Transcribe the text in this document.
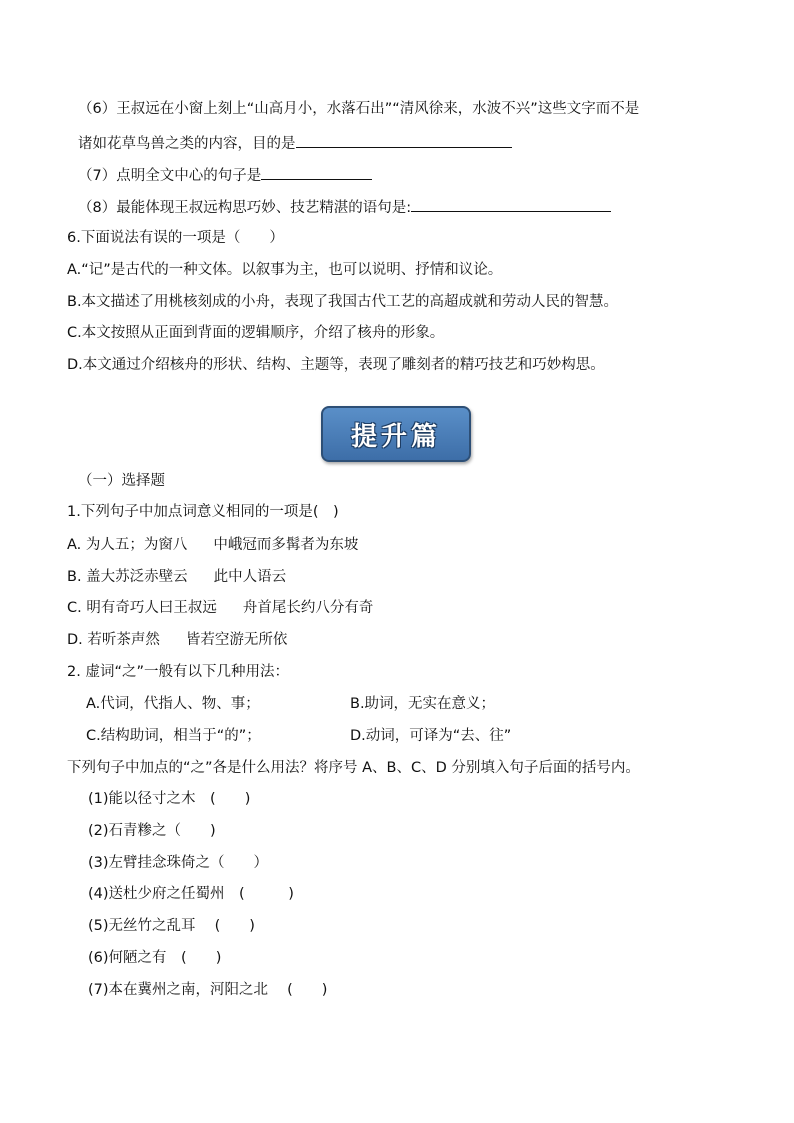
（6）王叔远在小窗上刻上“山高月小，水落石出”“清风徐来，水波不兴”这些文字而不是
诸如花草鸟兽之类的内容，目的是
（7）点明全文中心的句子是
（8）最能体现王叔远构思巧妙、技艺精湛的语句是:
6.下面说法有误的一项是（　　）
A.“记”是古代的一种文体。以叙事为主，也可以说明、抒情和议论。
B.本文描述了用桃核刻成的小舟，表现了我国古代工艺的高超成就和劳动人民的智慧。
C.本文按照从正面到背面的逻辑顺序，介绍了核舟的形象。
D.本文通过介绍核舟的形状、结构、主题等，表现了雕刻者的精巧技艺和巧妙构思。
提升篇
（一）选择题
1.下列句子中加点词意义相同的一项是(　)
A. 为人五；为窗八 中峨冠而多髯者为东坡
B. 盖大苏泛赤壁云 此中人语云
C. 明有奇巧人曰王叔远 舟首尾长约八分有奇
D. 若听茶声然 皆若空游无所依
2. 虚词“之”一般有以下几种用法：
A.代词，代指人、物、事；	B.助词，无实在意义；
C.结构助词，相当于“的”；	D.动词，可译为“去、往”
下列句子中加点的“之”各是什么用法？将序号 A、B、C、D 分别填入句子后面的括号内。
(1)能以径寸之木　(　　)
(2)石青糁之（　　)
(3)左臂挂念珠倚之（　　）
(4)送杜少府之任蜀州　(　　　)
(5)无丝竹之乱耳　 (　　)
(6)何陋之有　(　　)
(7)本在冀州之南，河阳之北　 (　　)
